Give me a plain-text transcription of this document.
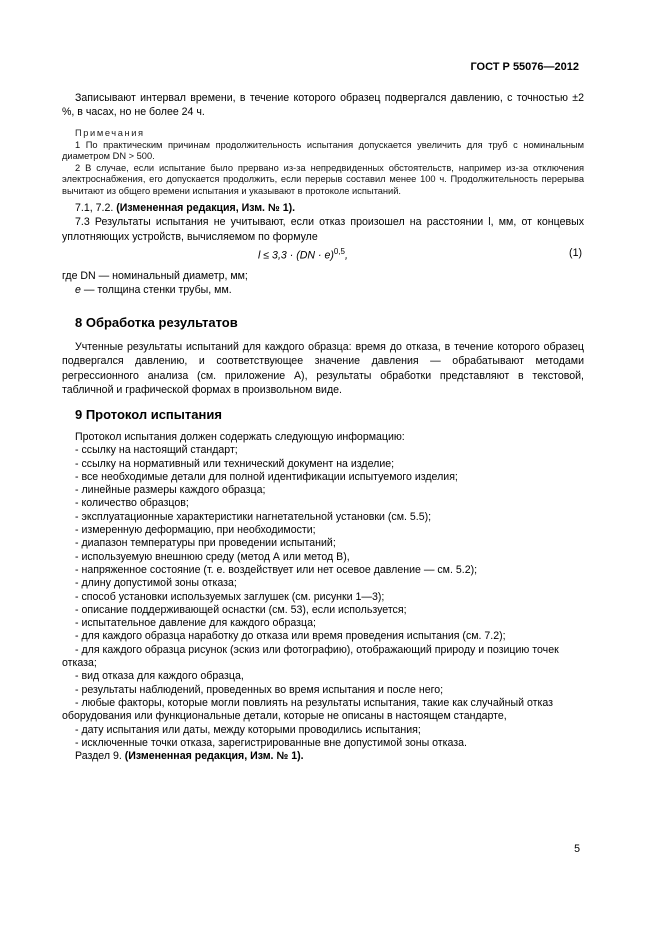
ГОСТ Р 55076—2012

Записывают интервал времени, в течение которого образец подвергался давлению, с точностью ±2 %, в часах, но не более 24 ч.

Примечания

1 По практическим причинам продолжительность испытания допускается увеличить для труб с номинальным диаметром DN > 500.

2 В случае, если испытание было прервано из-за непредвиденных обстоятельств, например из-за отключения электроснабжения, его допускается продолжить, если перерыв составил менее 100 ч. Продолжительность перерыва вычитают из общего времени испытания и указывают в протоколе испытаний.

7.1, 7.2. (Измененная редакция, Изм. № 1).

7.3 Результаты испытания не учитывают, если отказ произошел на расстоянии l, мм, от концевых уплотняющих устройств, вычисляемом по формуле

l ≤ 3,3 · (DN · e)$^{0,5}$,	(1)

где DN — номинальный диаметр, мм;

e — толщина стенки трубы, мм.

8 Обработка результатов

Учтенные результаты испытаний для каждого образца: время до отказа, в течение которого образец подвергался давлению, и соответствующее значение давления — обрабатывают методами регрессионного анализа (см. приложение А), результаты обработки представляют в текстовой, табличной и графической формах в произвольном виде.

9 Протокол испытания

Протокол испытания должен содержать следующую информацию:

- ссылку на настоящий стандарт;
- ссылку на нормативный или технический документ на изделие;
- все необходимые детали для полной идентификации испытуемого изделия;
- линейные размеры каждого образца;
- количество образцов;
- эксплуатационные характеристики нагнетательной установки (см. 5.5);
- измеренную деформацию, при необходимости;
- диапазон температуры при проведении испытаний;
- используемую внешнюю среду (метод А или метод В),
- напряженное состояние (т. е. воздействует или нет осевое давление — см. 5.2);
- длину допустимой зоны отказа;
- способ установки используемых заглушек (см. рисунки 1—3);
- описание поддерживающей оснастки (см. 53), если используется;
- испытательное давление для каждого образца;
- для каждого образца наработку до отказа или время проведения испытания (см. 7.2);
- для каждого образца рисунок (эскиз или фотографию), отображающий природу и позицию точек отказа;
- вид отказа для каждого образца,
- результаты наблюдений, проведенных во время испытания и после него;
- любые факторы, которые могли повлиять на результаты испытания, такие как случайный отказ оборудования или функциональные детали, которые не описаны в настоящем стандарте,
- дату испытания или даты, между которыми проводились испытания;
- исключенные точки отказа, зарегистрированные вне допустимой зоны отказа.
Раздел 9. (Измененная редакция, Изм. № 1).
5
